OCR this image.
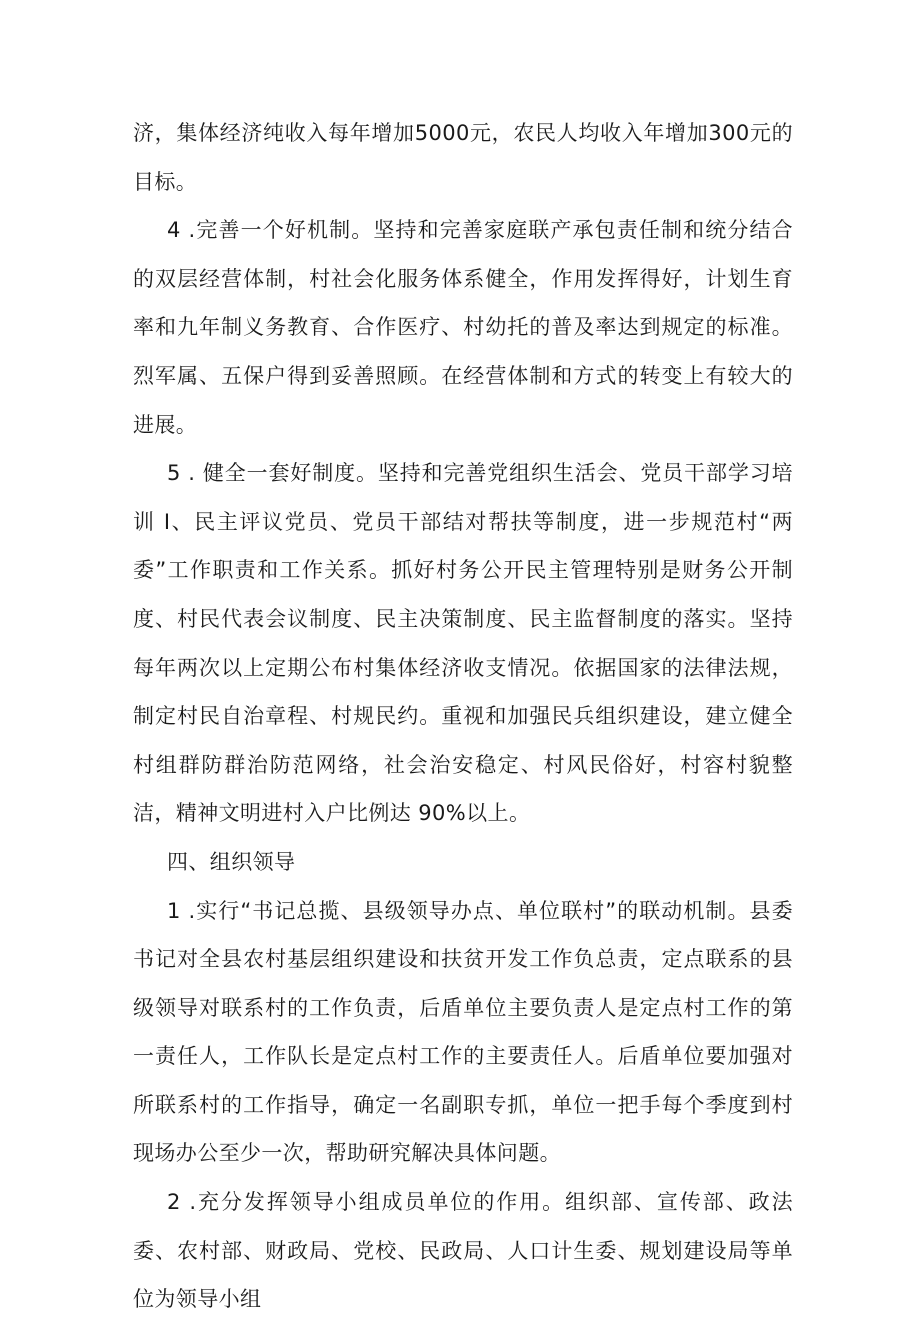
济，集体经济纯收入每年增加5000元，农民人均收入年增加300元的目标。

4 .完善一个好机制。坚持和完善家庭联产承包责任制和统分结合的双层经营体制，村社会化服务体系健全，作用发挥得好，计划生育率和九年制义务教育、合作医疗、村幼托的普及率达到规定的标准。烈军属、五保户得到妥善照顾。在经营体制和方式的转变上有较大的进展。

5 . 健全一套好制度。坚持和完善党组织生活会、党员干部学习培训 I、民主评议党员、党员干部结对帮扶等制度，进一步规范村“两委”工作职责和工作关系。抓好村务公开民主管理特别是财务公开制度、村民代表会议制度、民主决策制度、民主监督制度的落实。坚持每年两次以上定期公布村集体经济收支情况。依据国家的法律法规，制定村民自治章程、村规民约。重视和加强民兵组织建设，建立健全村组群防群治防范网络，社会治安稳定、村风民俗好，村容村貌整洁，精神文明进村入户比例达 90%以上。

四、组织领导

1 .实行“书记总揽、县级领导办点、单位联村”的联动机制。县委书记对全县农村基层组织建设和扶贫开发工作负总责，定点联系的县级领导对联系村的工作负责，后盾单位主要负责人是定点村工作的第一责任人，工作队长是定点村工作的主要责任人。后盾单位要加强对所联系村的工作指导，确定一名副职专抓，单位一把手每个季度到村现场办公至少一次，帮助研究解决具体问题。

2 .充分发挥领导小组成员单位的作用。组织部、宣传部、政法委、农村部、财政局、党校、民政局、人口计生委、规划建设局等单位为领导小组
